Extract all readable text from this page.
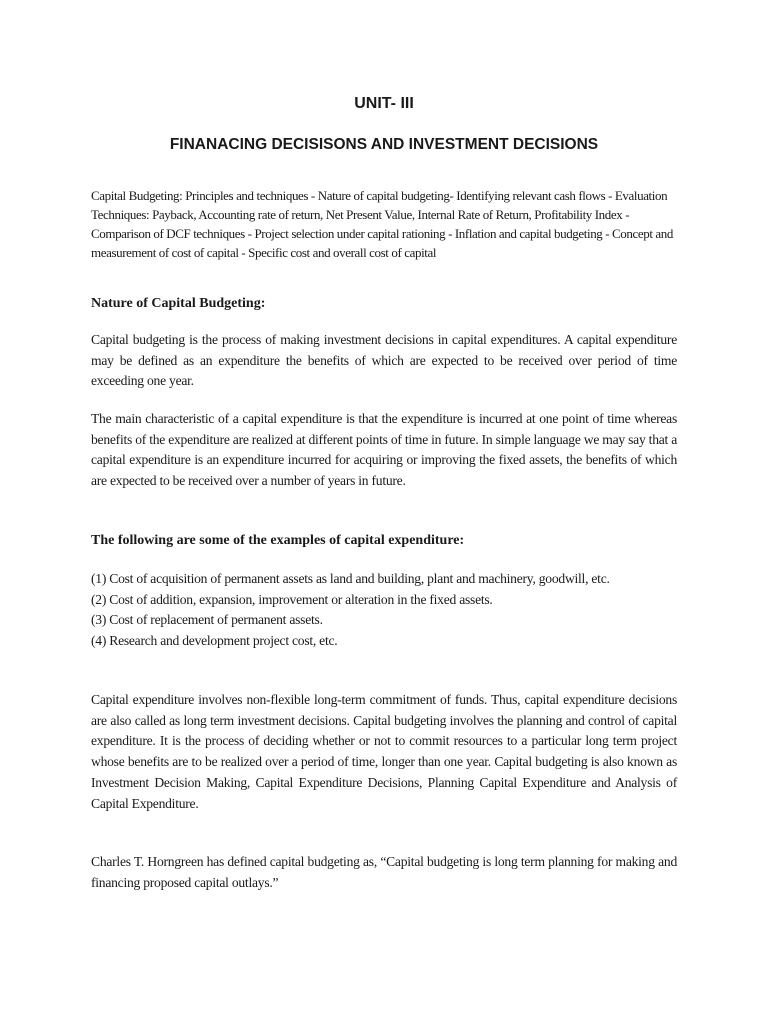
UNIT- III
FINANACING DECISISONS AND INVESTMENT DECISIONS

Capital Budgeting: Principles and techniques - Nature of capital budgeting- Identifying relevant cash flows - Evaluation Techniques: Payback, Accounting rate of return, Net Present Value, Internal Rate of Return, Profitability Index - Comparison of DCF techniques - Project selection under capital rationing - Inflation and capital budgeting - Concept and measurement of cost of capital - Specific cost and overall cost of capital

Nature of Capital Budgeting:

Capital budgeting is the process of making investment decisions in capital expenditures. A capital expenditure may be defined as an expenditure the benefits of which are expected to be received over period of time exceeding one year.

The main characteristic of a capital expenditure is that the expenditure is incurred at one point of time whereas benefits of the expenditure are realized at different points of time in future. In simple language we may say that a capital expenditure is an expenditure incurred for acquiring or improving the fixed assets, the benefits of which are expected to be received over a number of years in future.

The following are some of the examples of capital expenditure:
(1) Cost of acquisition of permanent assets as land and building, plant and machinery, goodwill, etc.
(2) Cost of addition, expansion, improvement or alteration in the fixed assets.
(3) Cost of replacement of permanent assets.
(4) Research and development project cost, etc.

Capital expenditure involves non-flexible long-term commitment of funds. Thus, capital expenditure decisions are also called as long term investment decisions. Capital budgeting involves the planning and control of capital expenditure. It is the process of deciding whether or not to commit resources to a particular long term project whose benefits are to be realized over a period of time, longer than one year. Capital budgeting is also known as Investment Decision Making, Capital Expenditure Decisions, Planning Capital Expenditure and Analysis of Capital Expenditure.

Charles T. Horngreen has defined capital budgeting as, “Capital budgeting is long term planning for making and financing proposed capital outlays.”
